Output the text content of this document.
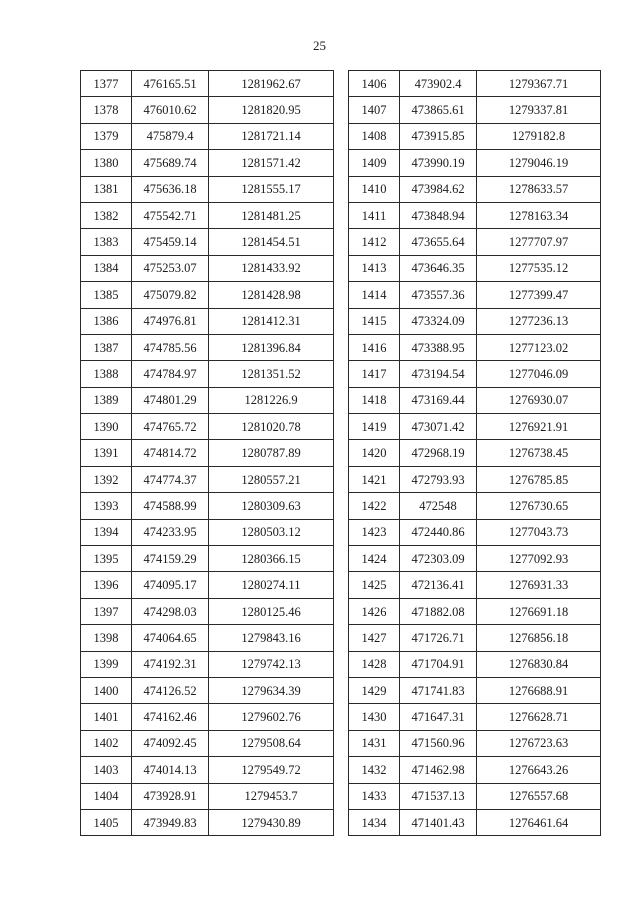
25
1377	476165.51	1281962.67
1378	476010.62	1281820.95
1379	475879.4	1281721.14
1380	475689.74	1281571.42
1381	475636.18	1281555.17
1382	475542.71	1281481.25
1383	475459.14	1281454.51
1384	475253.07	1281433.92
1385	475079.82	1281428.98
1386	474976.81	1281412.31
1387	474785.56	1281396.84
1388	474784.97	1281351.52
1389	474801.29	1281226.9
1390	474765.72	1281020.78
1391	474814.72	1280787.89
1392	474774.37	1280557.21
1393	474588.99	1280309.63
1394	474233.95	1280503.12
1395	474159.29	1280366.15
1396	474095.17	1280274.11
1397	474298.03	1280125.46
1398	474064.65	1279843.16
1399	474192.31	1279742.13
1400	474126.52	1279634.39
1401	474162.46	1279602.76
1402	474092.45	1279508.64
1403	474014.13	1279549.72
1404	473928.91	1279453.7
1405	473949.83	1279430.89
1406	473902.4	1279367.71
1407	473865.61	1279337.81
1408	473915.85	1279182.8
1409	473990.19	1279046.19
1410	473984.62	1278633.57
1411	473848.94	1278163.34
1412	473655.64	1277707.97
1413	473646.35	1277535.12
1414	473557.36	1277399.47
1415	473324.09	1277236.13
1416	473388.95	1277123.02
1417	473194.54	1277046.09
1418	473169.44	1276930.07
1419	473071.42	1276921.91
1420	472968.19	1276738.45
1421	472793.93	1276785.85
1422	472548	1276730.65
1423	472440.86	1277043.73
1424	472303.09	1277092.93
1425	472136.41	1276931.33
1426	471882.08	1276691.18
1427	471726.71	1276856.18
1428	471704.91	1276830.84
1429	471741.83	1276688.91
1430	471647.31	1276628.71
1431	471560.96	1276723.63
1432	471462.98	1276643.26
1433	471537.13	1276557.68
1434	471401.43	1276461.64
